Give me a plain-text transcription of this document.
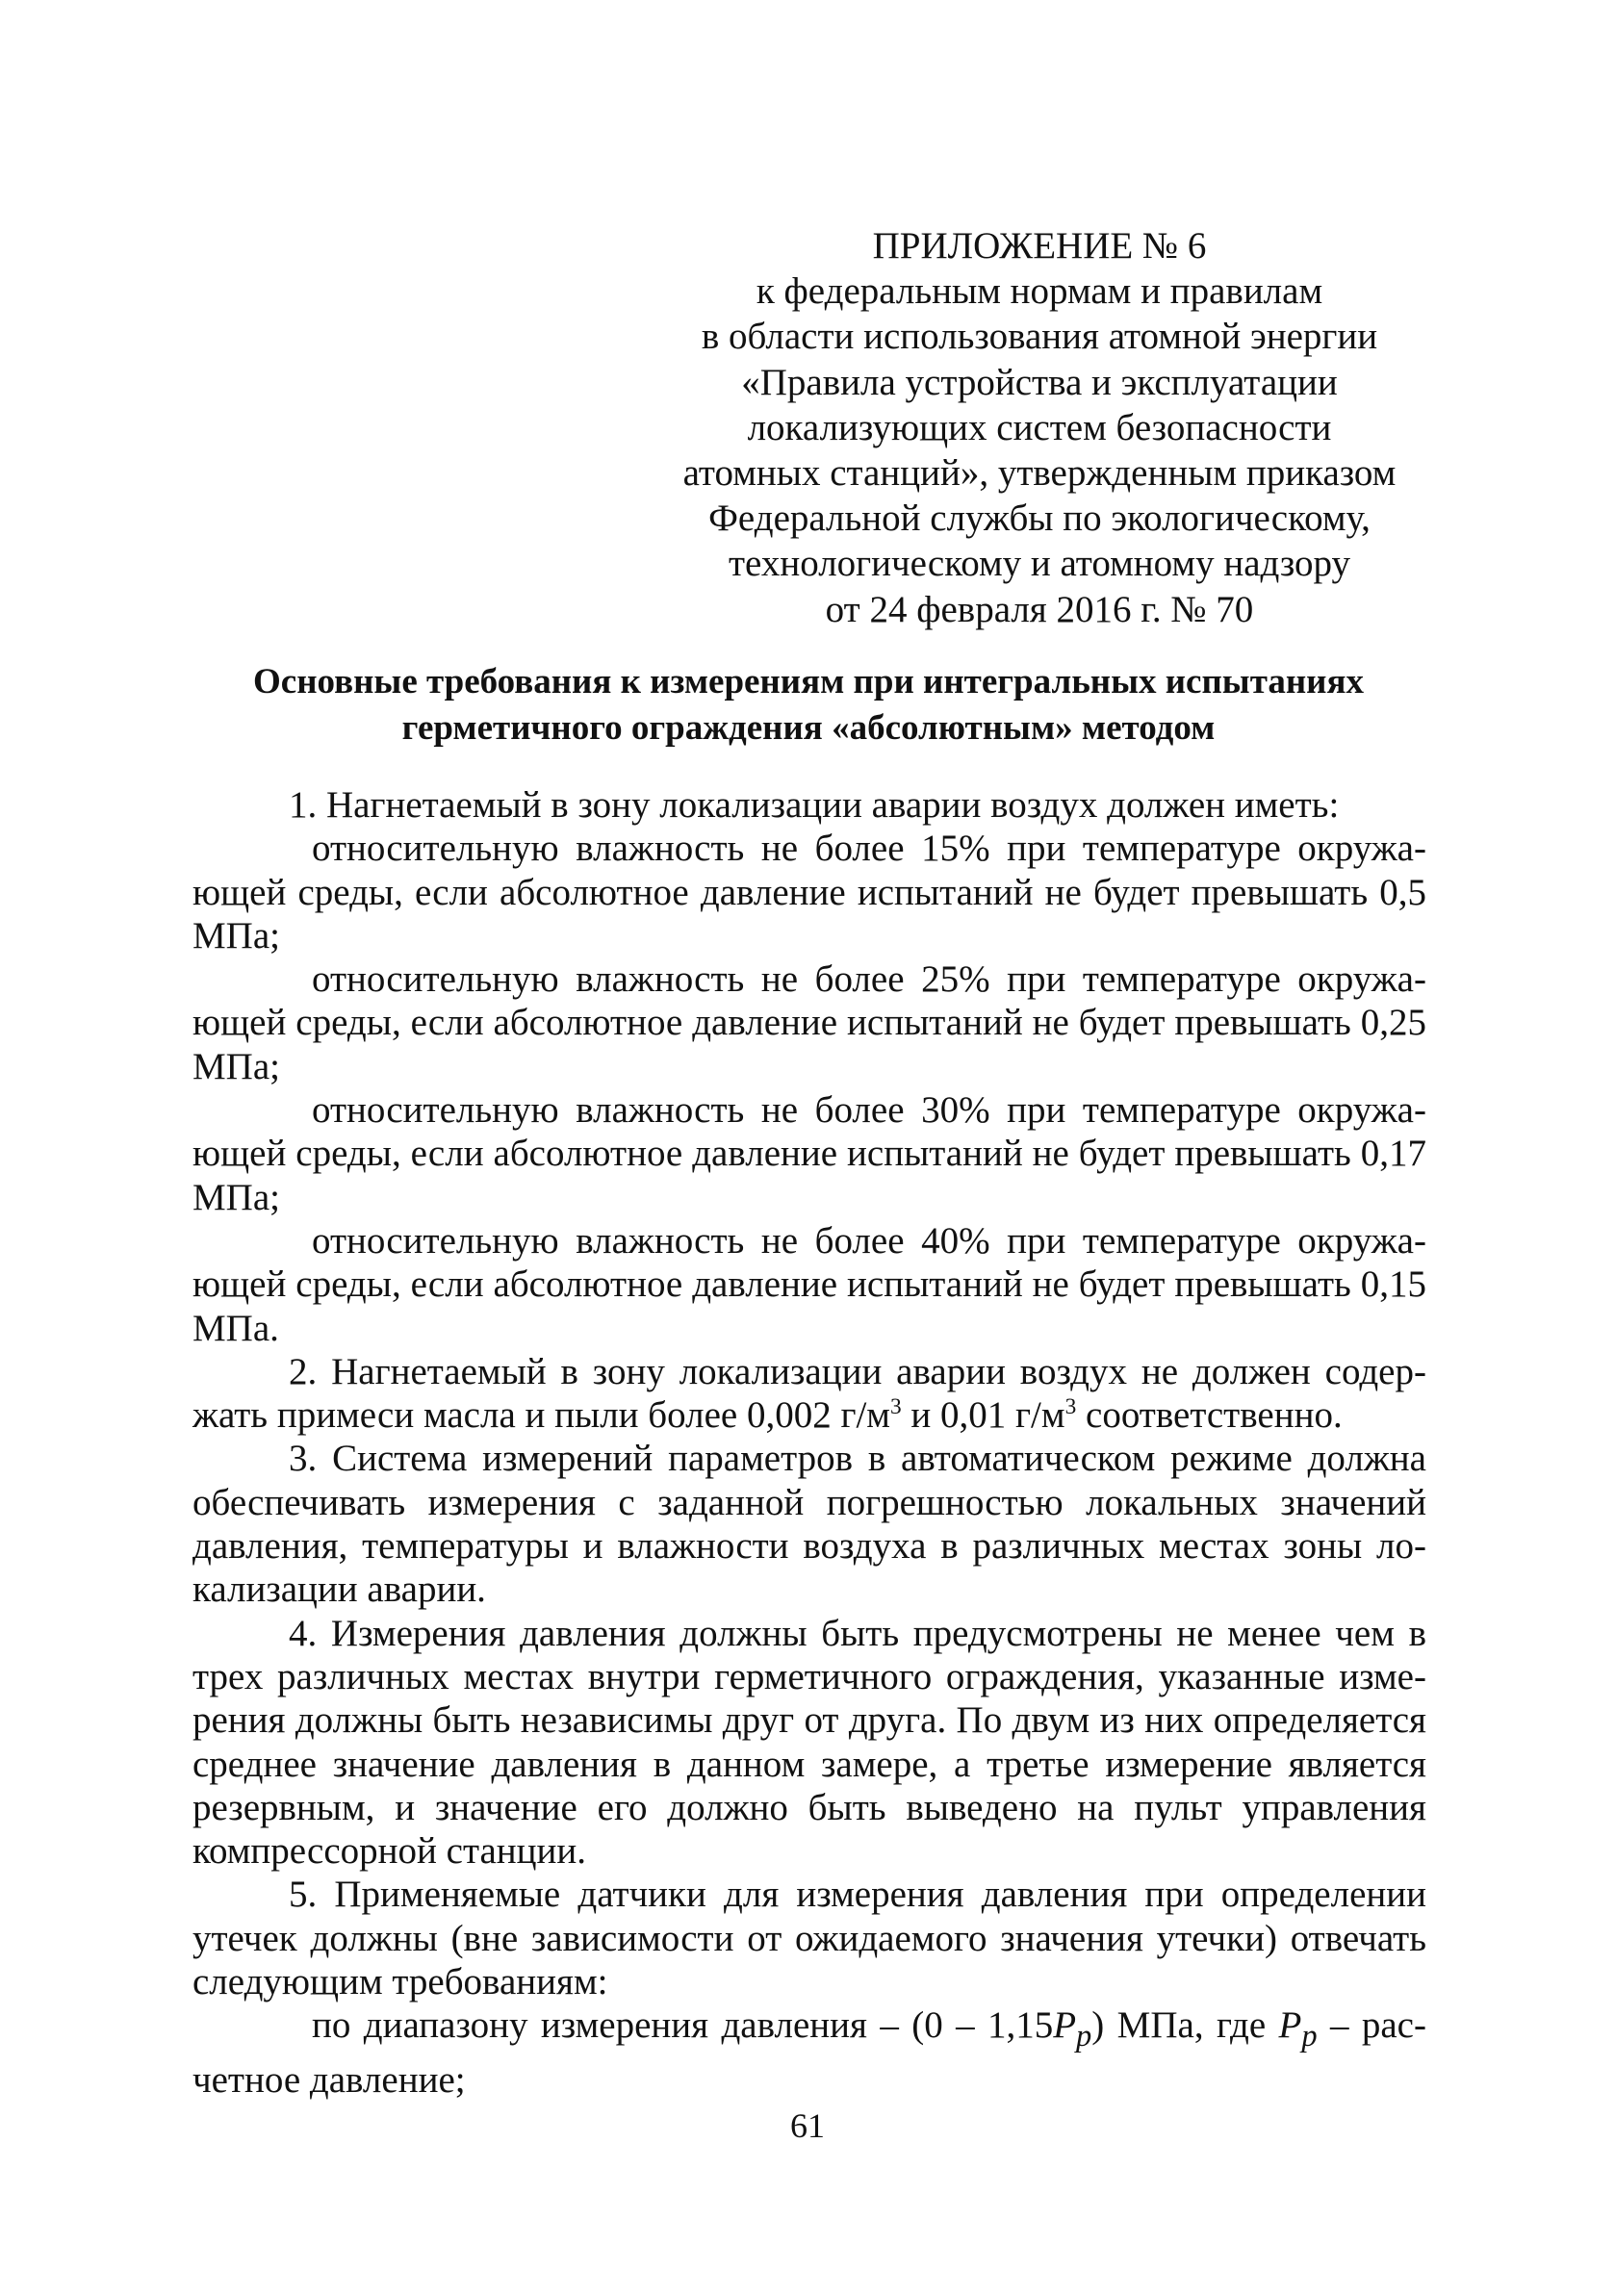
ПРИЛОЖЕНИЕ № 6
к федеральным нормам и правилам
в области использования атомной энергии
«Правила устройства и эксплуатации
локализующих систем безопасности
атомных станций», утвержденным приказом
Федеральной службы по экологическому,
технологическому и атомному надзору
от 24 февраля 2016 г. № 70
Основные требования к измерениям при интегральных испытаниях
герметичного ограждения «абсолютным» методом

1. Нагнетаемый в зону локализации аварии воздух должен иметь:

относительную влажность не более 15% при температуре окружающей среды, если абсолютное давление испытаний не будет превышать 0,5 МПа;

относительную влажность не более 25% при температуре окружающей среды, если абсолютное давление испытаний не будет превышать 0,25 МПа;

относительную влажность не более 30% при температуре окружающей среды, если абсолютное давление испытаний не будет превышать 0,17 МПа;

относительную влажность не более 40% при температуре окружающей среды, если абсолютное давление испытаний не будет превышать 0,15 МПа.

2. Нагнетаемый в зону локализации аварии воздух не должен содержать примеси масла и пыли более 0,002 $г/м^3$ и 0,01 $г/м^3$ соответственно.

3. Система измерений параметров в автоматическом режиме должна обеспечивать измерения с заданной погрешностью локальных значений давления, температуры и влажности воздуха в различных местах зоны локализации аварии.

4. Измерения давления должны быть предусмотрены не менее чем в трех различных местах внутри герметичного ограждения, указанные измерения должны быть независимы друг от друга. По двум из них определяется среднее значение давления в данном замере, а третье измерение является резервным, и значение его должно быть выведено на пульт управления компрессорной станции.

5. Применяемые датчики для измерения давления при определении утечек должны (вне зависимости от ожидаемого значения утечки) отвечать следующим требованиям:

по диапазону измерения давления – $(0 - 1,15P_p)$ МПа, где $P_p$ – расчетное давление;

61
